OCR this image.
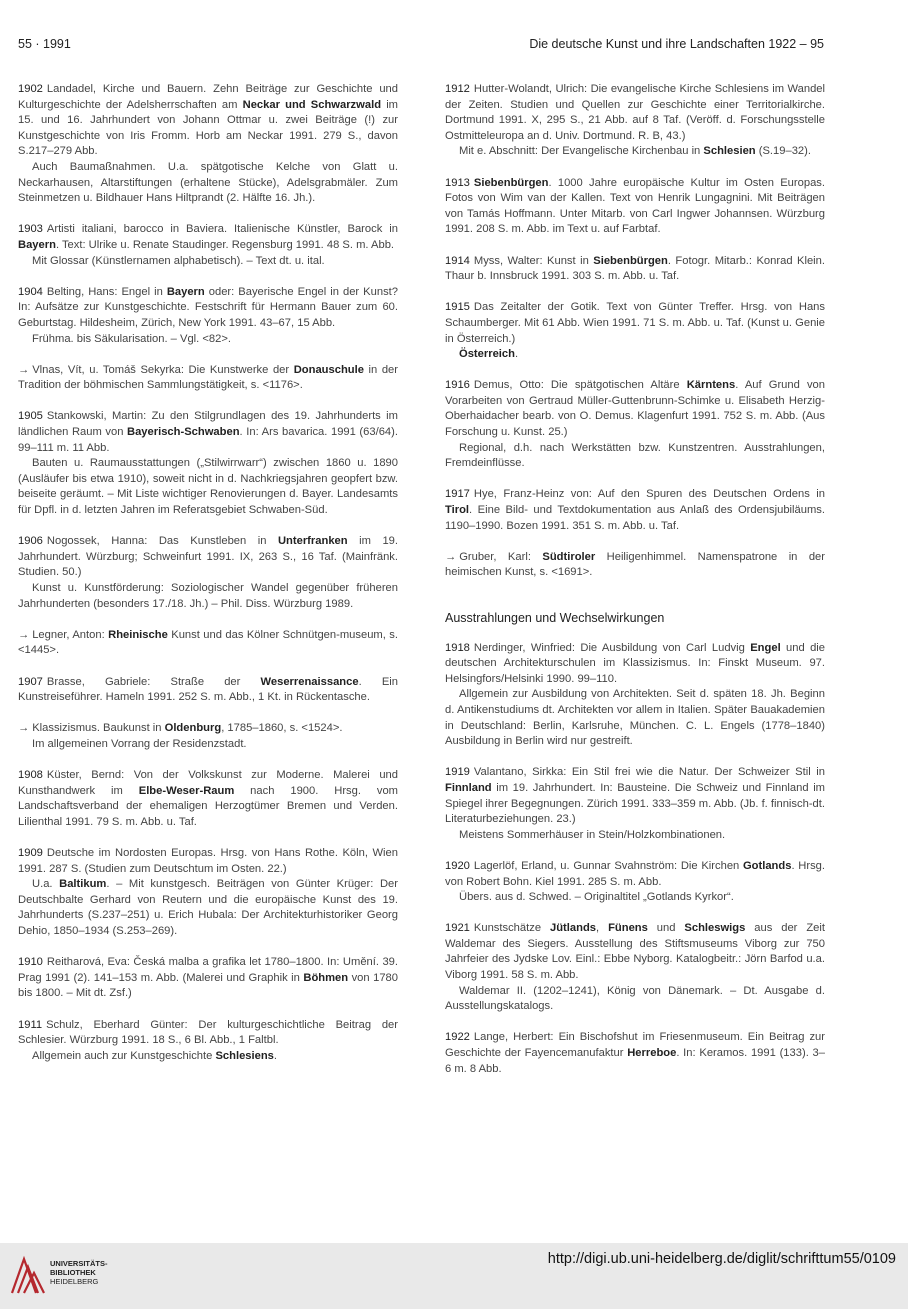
55 · 1991	Die deutsche Kunst und ihre Landschaften 1922 – 95

1902 Landadel, Kirche und Bauern. Zehn Beiträge zur Geschichte und Kulturgeschichte der Adelsherrschaften am Neckar und Schwarzwald im 15. und 16. Jahrhundert von Johann Ottmar u. zwei Beiträge (!) zur Kunstgeschichte von Iris Fromm. Horb am Neckar 1991. 279 S., davon S.217–279 Abb.

Auch Baumaßnahmen. U.a. spätgotische Kelche von Glatt u. Neckarhausen, Altarstiftungen (erhaltene Stücke), Adelsgrabmäler. Zum Steinmetzen u. Bildhauer Hans Hiltprandt (2. Hälfte 16. Jh.).

1903 Artisti italiani, barocco in Baviera. Italienische Künstler, Barock in Bayern. Text: Ulrike u. Renate Staudinger. Regensburg 1991. 48 S. m. Abb.

Mit Glossar (Künstlernamen alphabetisch). – Text dt. u. ital.

1904 Belting, Hans: Engel in Bayern oder: Bayerische Engel in der Kunst? In: Aufsätze zur Kunstgeschichte. Festschrift für Hermann Bauer zum 60. Geburtstag. Hildesheim, Zürich, New York 1991. 43–67, 15 Abb.

Frühma. bis Säkularisation. – Vgl. <82>.

→ Vlnas, Vít, u. Tomáš Sekyrka: Die Kunstwerke der Donauschule in der Tradition der böhmischen Sammlungstätigkeit, s. <1176>.

1905 Stankowski, Martin: Zu den Stilgrundlagen des 19. Jahrhunderts im ländlichen Raum von Bayerisch-Schwaben. In: Ars bavarica. 1991 (63/64). 99–111 m. 11 Abb.

Bauten u. Raumausstattungen („Stilwirrwarr“) zwischen 1860 u. 1890 (Ausläufer bis etwa 1910), soweit nicht in d. Nachkriegsjahren geopfert bzw. beiseite geräumt. – Mit Liste wichtiger Renovierungen d. Bayer. Landesamts für Dpfl. in d. letzten Jahren im Referatsgebiet Schwaben-Süd.

1906 Nogossek, Hanna: Das Kunstleben in Unterfranken im 19. Jahrhundert. Würzburg; Schweinfurt 1991. IX, 263 S., 16 Taf. (Mainfränk. Studien. 50.)

Kunst u. Kunstförderung: Soziologischer Wandel gegenüber früheren Jahrhunderten (besonders 17./18. Jh.) – Phil. Diss. Würzburg 1989.

→ Legner, Anton: Rheinische Kunst und das Kölner Schnütgen-museum, s. <1445>.

1907 Brasse, Gabriele: Straße der Weserrenaissance. Ein Kunstreiseführer. Hameln 1991. 252 S. m. Abb., 1 Kt. in Rückentasche.

→ Klassizismus. Baukunst in Oldenburg, 1785–1860, s. <1524>.

Im allgemeinen Vorrang der Residenzstadt.

1908 Küster, Bernd: Von der Volkskunst zur Moderne. Malerei und Kunsthandwerk im Elbe-Weser-Raum nach 1900. Hrsg. vom Landschaftsverband der ehemaligen Herzogtümer Bremen und Verden. Lilienthal 1991. 79 S. m. Abb. u. Taf.

1909 Deutsche im Nordosten Europas. Hrsg. von Hans Rothe. Köln, Wien 1991. 287 S. (Studien zum Deutschtum im Osten. 22.)

U.a. Baltikum. – Mit kunstgesch. Beiträgen von Günter Krüger: Der Deutschbalte Gerhard von Reutern und die europäische Kunst des 19. Jahrhunderts (S.237–251) u. Erich Hubala: Der Architekturhistoriker Georg Dehio, 1850–1934 (S.253–269).

1910 Reitharová, Eva: Česká malba a grafika let 1780–1800. In: Umění. 39. Prag 1991 (2). 141–153 m. Abb. (Malerei und Graphik in Böhmen von 1780 bis 1800. – Mit dt. Zsf.)

1911 Schulz, Eberhard Günter: Der kulturgeschichtliche Beitrag der Schlesier. Würzburg 1991. 18 S., 6 Bl. Abb., 1 Faltbl.

Allgemein auch zur Kunstgeschichte Schlesiens.

1912 Hutter-Wolandt, Ulrich: Die evangelische Kirche Schlesiens im Wandel der Zeiten. Studien und Quellen zur Geschichte einer Territorialkirche. Dortmund 1991. X, 295 S., 21 Abb. auf 8 Taf. (Veröff. d. Forschungsstelle Ostmitteleuropa an d. Univ. Dortmund. R. B, 43.)

Mit e. Abschnitt: Der Evangelische Kirchenbau in Schlesien (S.19–32).

1913 Siebenbürgen. 1000 Jahre europäische Kultur im Osten Europas. Fotos von Wim van der Kallen. Text von Henrik Lungagnini. Mit Beiträgen von Tamás Hoffmann. Unter Mitarb. von Carl Ingwer Johannsen. Würzburg 1991. 208 S. m. Abb. im Text u. auf Farbtaf.

1914 Myss, Walter: Kunst in Siebenbürgen. Fotogr. Mitarb.: Konrad Klein. Thaur b. Innsbruck 1991. 303 S. m. Abb. u. Taf.

1915 Das Zeitalter der Gotik. Text von Günter Treffer. Hrsg. von Hans Schaumberger. Mit 61 Abb. Wien 1991. 71 S. m. Abb. u. Taf. (Kunst u. Genie in Österreich.)

Österreich.

1916 Demus, Otto: Die spätgotischen Altäre Kärntens. Auf Grund von Vorarbeiten von Gertraud Müller-Guttenbrunn-Schimke u. Elisabeth Herzig-Oberhaidacher bearb. von O. Demus. Klagenfurt 1991. 752 S. m. Abb. (Aus Forschung u. Kunst. 25.)

Regional, d.h. nach Werkstätten bzw. Kunstzentren. Ausstrahlungen, Fremdeinflüsse.

1917 Hye, Franz-Heinz von: Auf den Spuren des Deutschen Ordens in Tirol. Eine Bild- und Textdokumentation aus Anlaß des Ordensjubiläums. 1190–1990. Bozen 1991. 351 S. m. Abb. u. Taf.

→ Gruber, Karl: Südtiroler Heiligenhimmel. Namenspatrone in der heimischen Kunst, s. <1691>.

Ausstrahlungen und Wechselwirkungen

1918 Nerdinger, Winfried: Die Ausbildung von Carl Ludvig Engel und die deutschen Architekturschulen im Klassizismus. In: Finskt Museum. 97. Helsingfors/Helsinki 1990. 99–110.

Allgemein zur Ausbildung von Architekten. Seit d. späten 18. Jh. Beginn d. Antikenstudiums dt. Architekten vor allem in Italien. Später Bauakademien in Deutschland: Berlin, Karlsruhe, München. C. L. Engels (1778–1840) Ausbildung in Berlin wird nur gestreift.

1919 Valantano, Sirkka: Ein Stil frei wie die Natur. Der Schweizer Stil in Finnland im 19. Jahrhundert. In: Bausteine. Die Schweiz und Finnland im Spiegel ihrer Begegnungen. Zürich 1991. 333–359 m. Abb. (Jb. f. finnisch-dt. Literaturbeziehungen. 23.)

Meistens Sommerhäuser in Stein/Holzkombinationen.

1920 Lagerlöf, Erland, u. Gunnar Svahnström: Die Kirchen Gotlands. Hrsg. von Robert Bohn. Kiel 1991. 285 S. m. Abb.

Übers. aus d. Schwed. – Originaltitel „Gotlands Kyrkor“.

1921 Kunstschätze Jütlands, Fünens und Schleswigs aus der Zeit Waldemar des Siegers. Ausstellung des Stiftsmuseums Viborg zur 750 Jahrfeier des Jydske Lov. Einl.: Ebbe Nyborg. Katalogbeitr.: Jörn Barfod u.a. Viborg 1991. 58 S. m. Abb.

Waldemar II. (1202–1241), König von Dänemark. – Dt. Ausgabe d. Ausstellungskatalogs.

1922 Lange, Herbert: Ein Bischofshut im Friesenmuseum. Ein Beitrag zur Geschichte der Fayencemanufaktur Herreboe. In: Keramos. 1991 (133). 3–6 m. 8 Abb.

UNIVERSITÄTS-
BIBLIOTHEK
HEIDELBERG
http://digi.ub.uni-heidelberg.de/diglit/schrifttum55/0109
